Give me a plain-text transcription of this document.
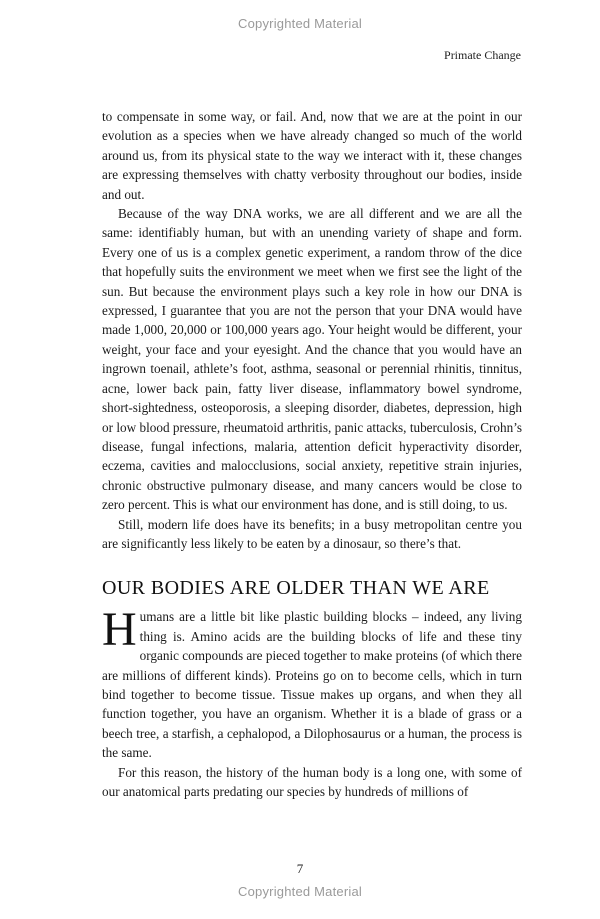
Copyrighted Material
Primate Change

to compensate in some way, or fail. And, now that we are at the point in our evolution as a species when we have already changed so much of the world around us, from its physical state to the way we interact with it, these changes are expressing themselves with chatty verbosity throughout our bodies, inside and out.

Because of the way DNA works, we are all different and we are all the same: identifiably human, but with an unending variety of shape and form. Every one of us is a complex genetic experiment, a random throw of the dice that hopefully suits the environment we meet when we first see the light of the sun. But because the environment plays such a key role in how our DNA is expressed, I guarantee that you are not the person that your DNA would have made 1,000, 20,000 or 100,000 years ago. Your height would be different, your weight, your face and your eyesight. And the chance that you would have an ingrown toenail, athlete’s foot, asthma, seasonal or perennial rhinitis, tinnitus, acne, lower back pain, fatty liver disease, inflammatory bowel syndrome, short-sightedness, osteoporosis, a sleeping disorder, diabetes, depression, high or low blood pressure, rheumatoid arthritis, panic attacks, tuberculosis, Crohn’s disease, fungal infections, malaria, attention deficit hyperactivity disorder, eczema, cavities and malocclusions, social anxiety, repetitive strain injuries, chronic obstructive pulmonary disease, and many cancers would be close to zero percent. This is what our environment has done, and is still doing, to us.

Still, modern life does have its benefits; in a busy metropolitan centre you are significantly less likely to be eaten by a dinosaur, so there’s that.

OUR BODIES ARE OLDER THAN WE ARE

Humans are a little bit like plastic building blocks – indeed, any living thing is. Amino acids are the building blocks of life and these tiny organic compounds are pieced together to make proteins (of which there are millions of different kinds). Proteins go on to become cells, which in turn bind together to become tissue. Tissue makes up organs, and when they all function together, you have an organism. Whether it is a blade of grass or a beech tree, a starfish, a cephalopod, a Dilophosaurus or a human, the process is the same.

For this reason, the history of the human body is a long one, with some of our anatomical parts predating our species by hundreds of millions of

7
Copyrighted Material
